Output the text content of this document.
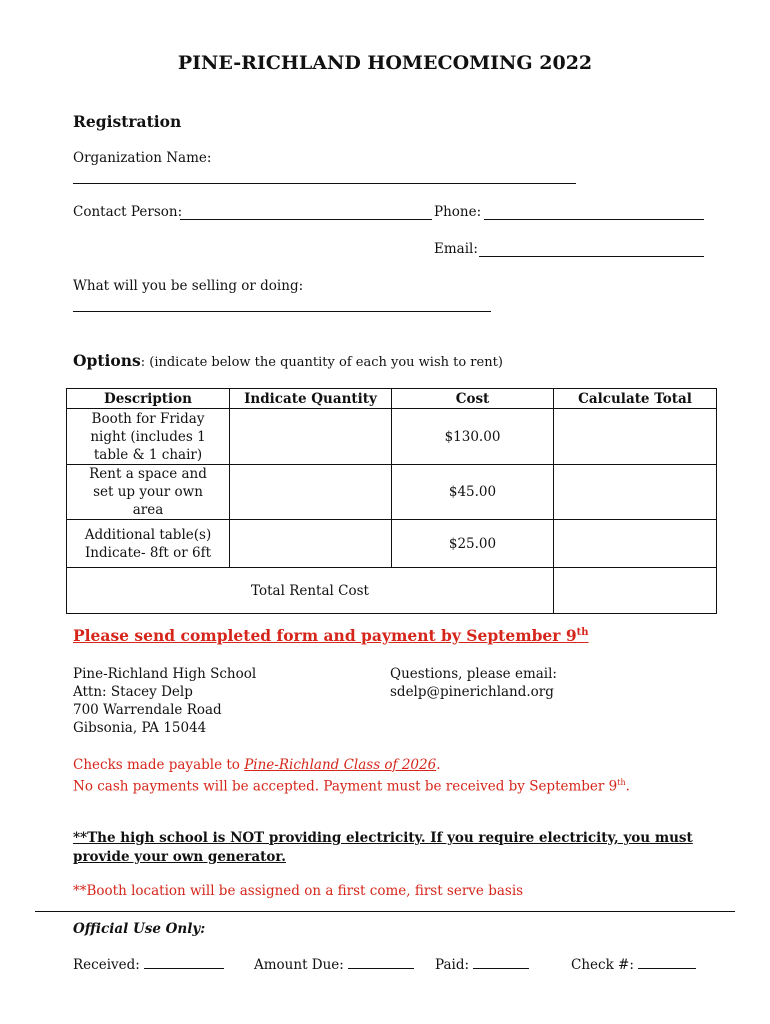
PINE-RICHLAND HOMECOMING 2022
Registration
Organization Name:
Contact Person:	Phone:
Email:
What will you be selling or doing:
Options: (indicate below the quantity of each you wish to rent)
Description	Indicate Quantity	Cost	Calculate Total
Booth for Friday night (includes 1 table & 1 chair)		$130.00	
Rent a space and set up your own area		$45.00	
Additional table(s) Indicate- 8ft or 6ft		$25.00	
Total Rental Cost			
Please send completed form and payment by September 9th
Pine-Richland High School
Attn: Stacey Delp
700 Warrendale Road
Gibsonia, PA 15044
Questions, please email:
sdelp@pinerichland.org
Checks made payable to Pine-Richland Class of 2026.
No cash payments will be accepted. Payment must be received by September 9th.
**The high school is NOT providing electricity. If you require electricity, you must provide your own generator.
**Booth location will be assigned on a first come, first serve basis
Official Use Only:
Received:	Amount Due:	Paid:	Check #:
